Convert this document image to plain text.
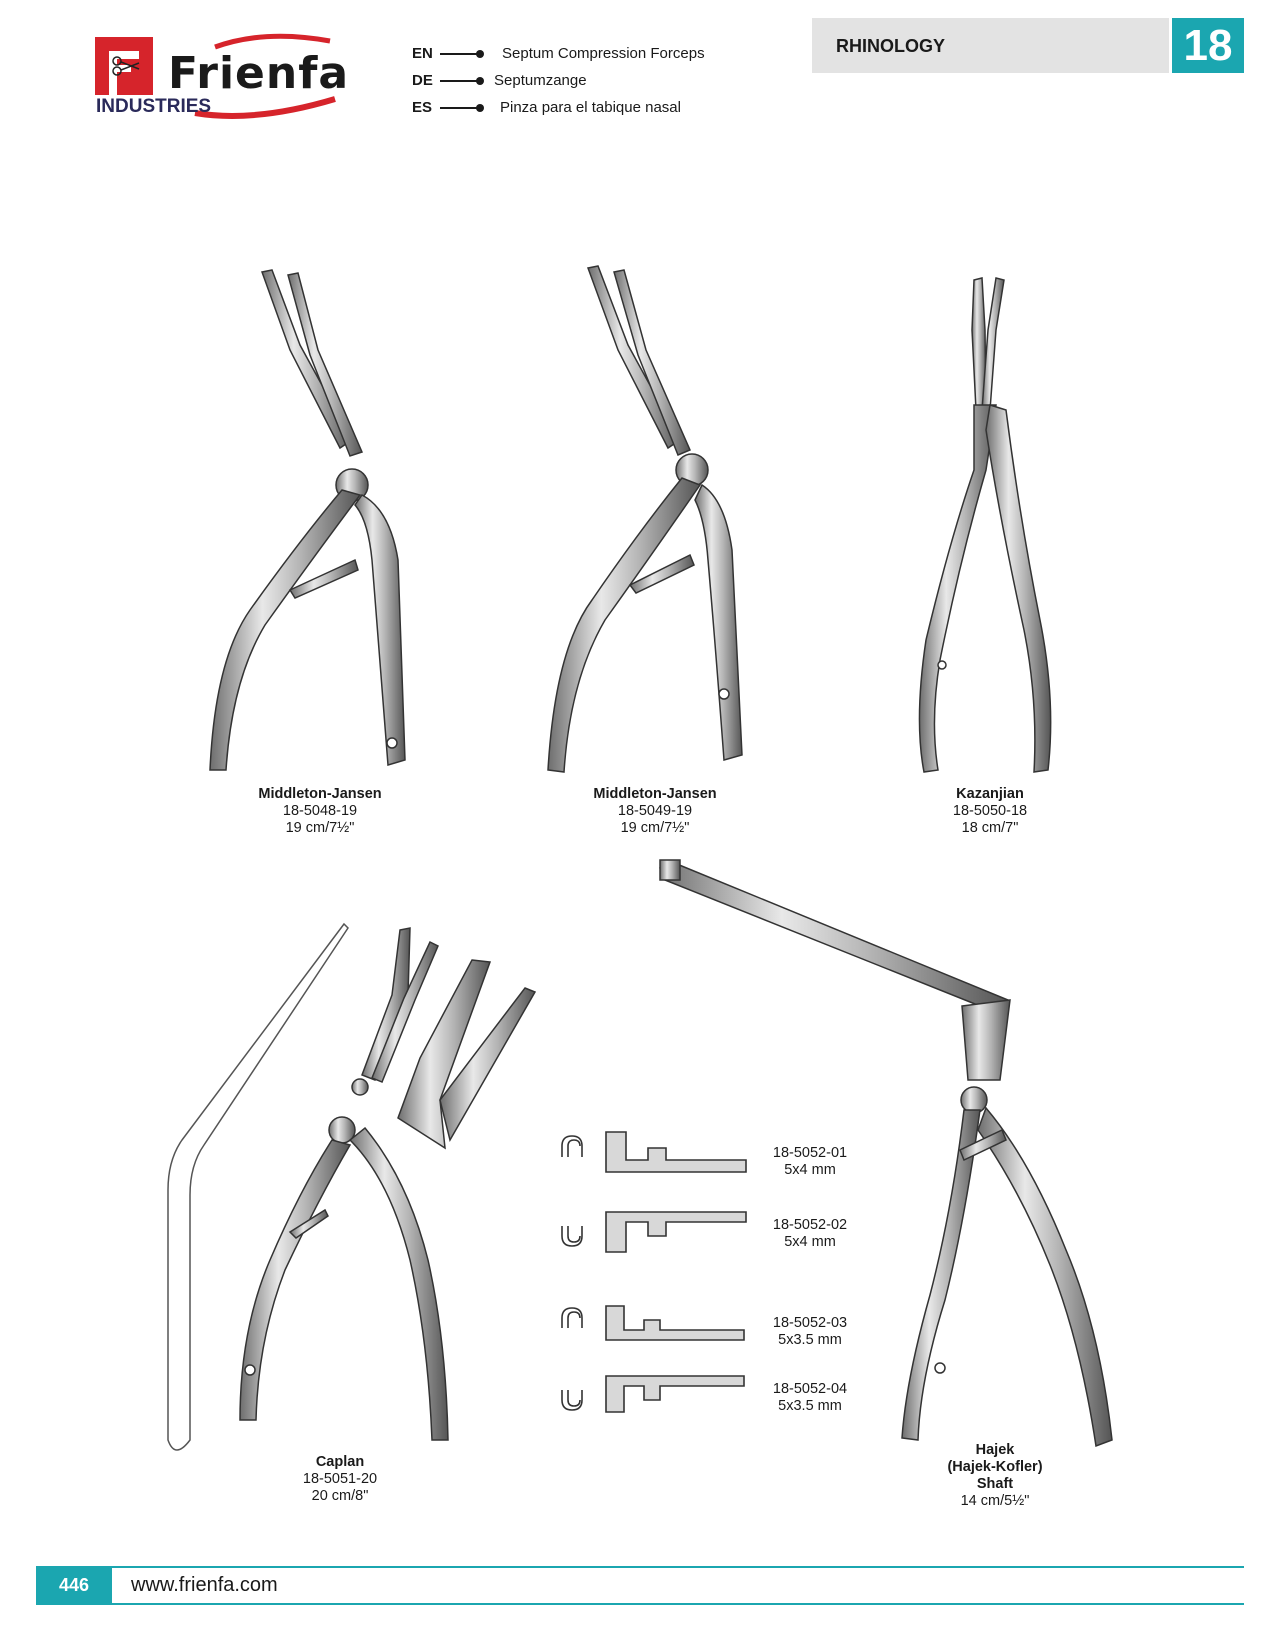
Frienfa
INDUSTRIES
EN	Septum Compression Forceps
DE	Septumzange
ES	Pinza para el tabique nasal
RHINOLOGY	18
Middleton-Jansen
18-5048-19
19 cm/7½"
Middleton-Jansen
18-5049-19
19 cm/7½"
Kazanjian
18-5050-18
18 cm/7"
Caplan
18-5051-20
20 cm/8"
Hajek
(Hajek-Kofler)
Shaft
14 cm/5½"
18-5052-01
5x4 mm
18-5052-02
5x4 mm
18-5052-03
5x3.5 mm
18-5052-04
5x3.5 mm
446	www.frienfa.com
